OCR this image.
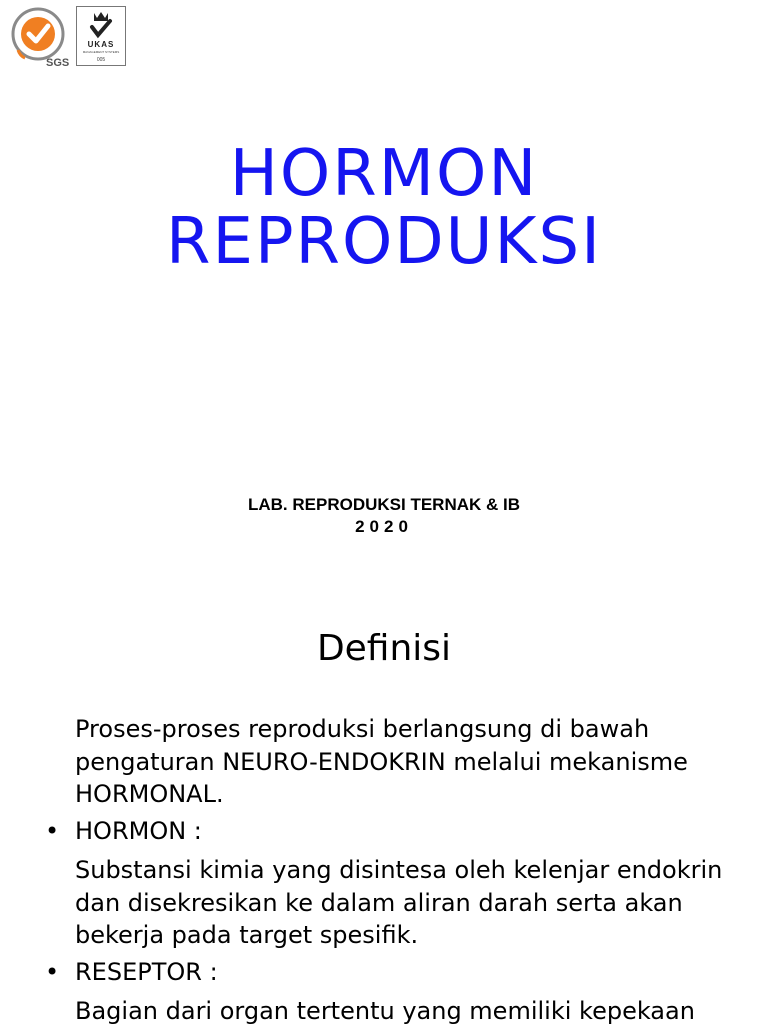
SGS
UKAS
MANAGEMENT SYSTEMS
005
HORMON
REPRODUKSI
LAB. REPRODUKSI TERNAK & IB
2020
Definisi

Proses-proses reproduksi berlangsung di bawah pengaturan NEURO-ENDOKRIN melalui mekanisme HORMONAL.

• HORMON :

Substansi kimia yang disintesa oleh kelenjar endokrin dan disekresikan ke dalam aliran darah serta akan bekerja pada target spesifik.

• RESEPTOR :

Bagian dari organ tertentu yang memiliki kepekaan
